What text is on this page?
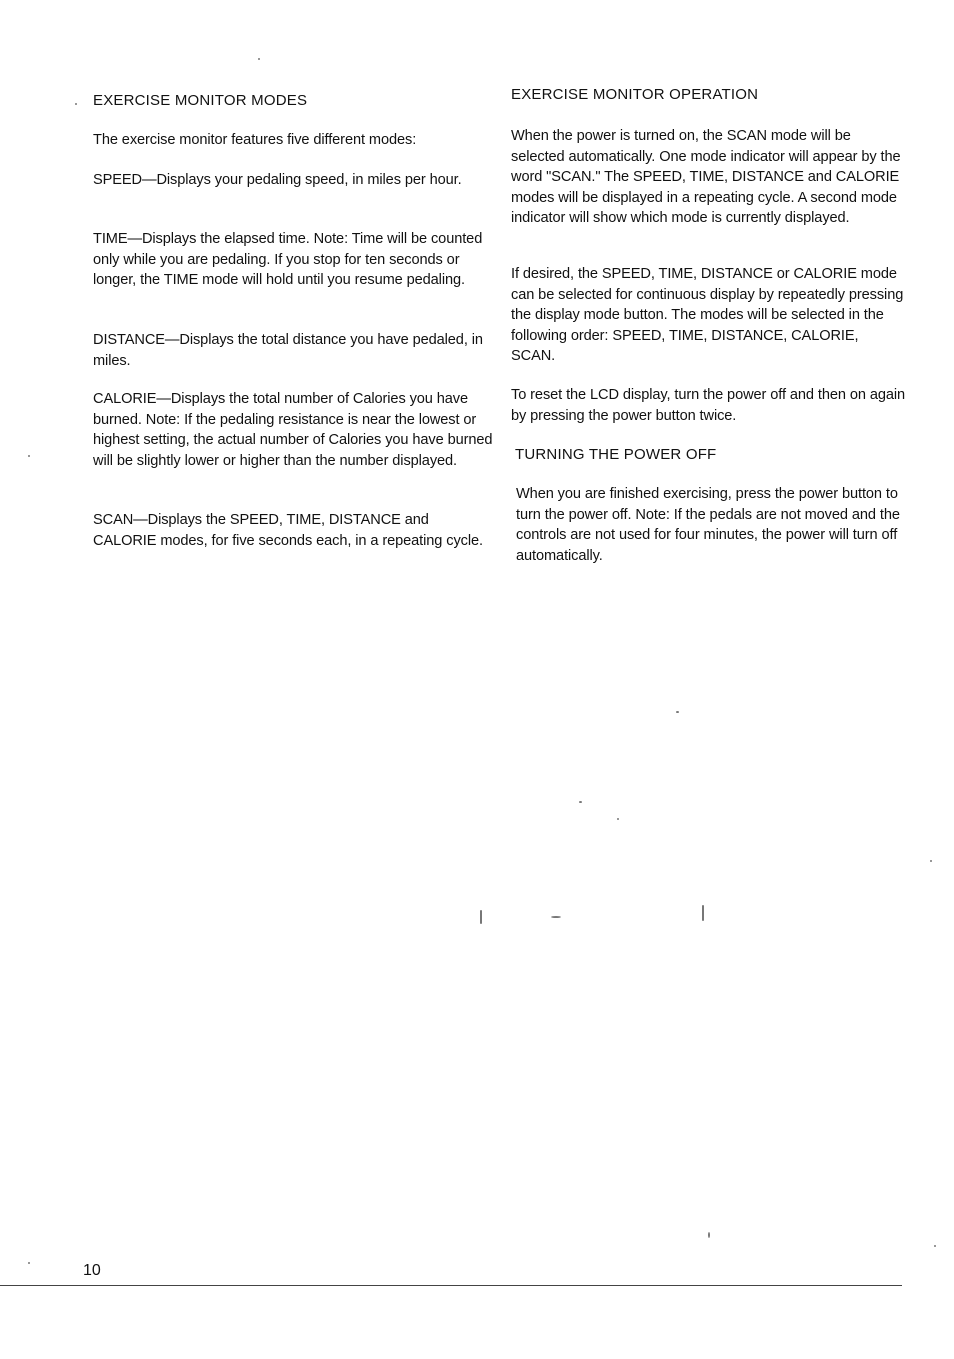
EXERCISE MONITOR MODES

The exercise monitor features five different modes:

SPEED—Displays your pedaling speed, in miles per hour.

TIME—Displays the elapsed time. Note: Time will be counted only while you are pedaling. If you stop for ten seconds or longer, the TIME mode will hold until you resume pedaling.

DISTANCE—Displays the total distance you have pedaled, in miles.

CALORIE—Displays the total number of Calories you have burned. Note: If the pedaling resistance is near the lowest or highest setting, the actual number of Calories you have burned will be slightly lower or higher than the number displayed.

SCAN—Displays the SPEED, TIME, DISTANCE and CALORIE modes, for five seconds each, in a repeating cycle.

EXERCISE MONITOR OPERATION

When the power is turned on, the SCAN mode will be selected automatically. One mode indicator will appear by the word "SCAN." The SPEED, TIME, DISTANCE and CALORIE modes will be displayed in a repeating cycle. A second mode indicator will show which mode is currently displayed.

If desired, the SPEED, TIME, DISTANCE or CALORIE mode can be selected for continuous display by repeatedly pressing the display mode button. The modes will be selected in the following order: SPEED, TIME, DISTANCE, CALORIE, SCAN.

To reset the LCD display, turn the power off and then on again by pressing the power button twice.

TURNING THE POWER OFF

When you are finished exercising, press the power button to turn the power off. Note: If the pedals are not moved and the controls are not used for four minutes, the power will turn off automatically.

10
